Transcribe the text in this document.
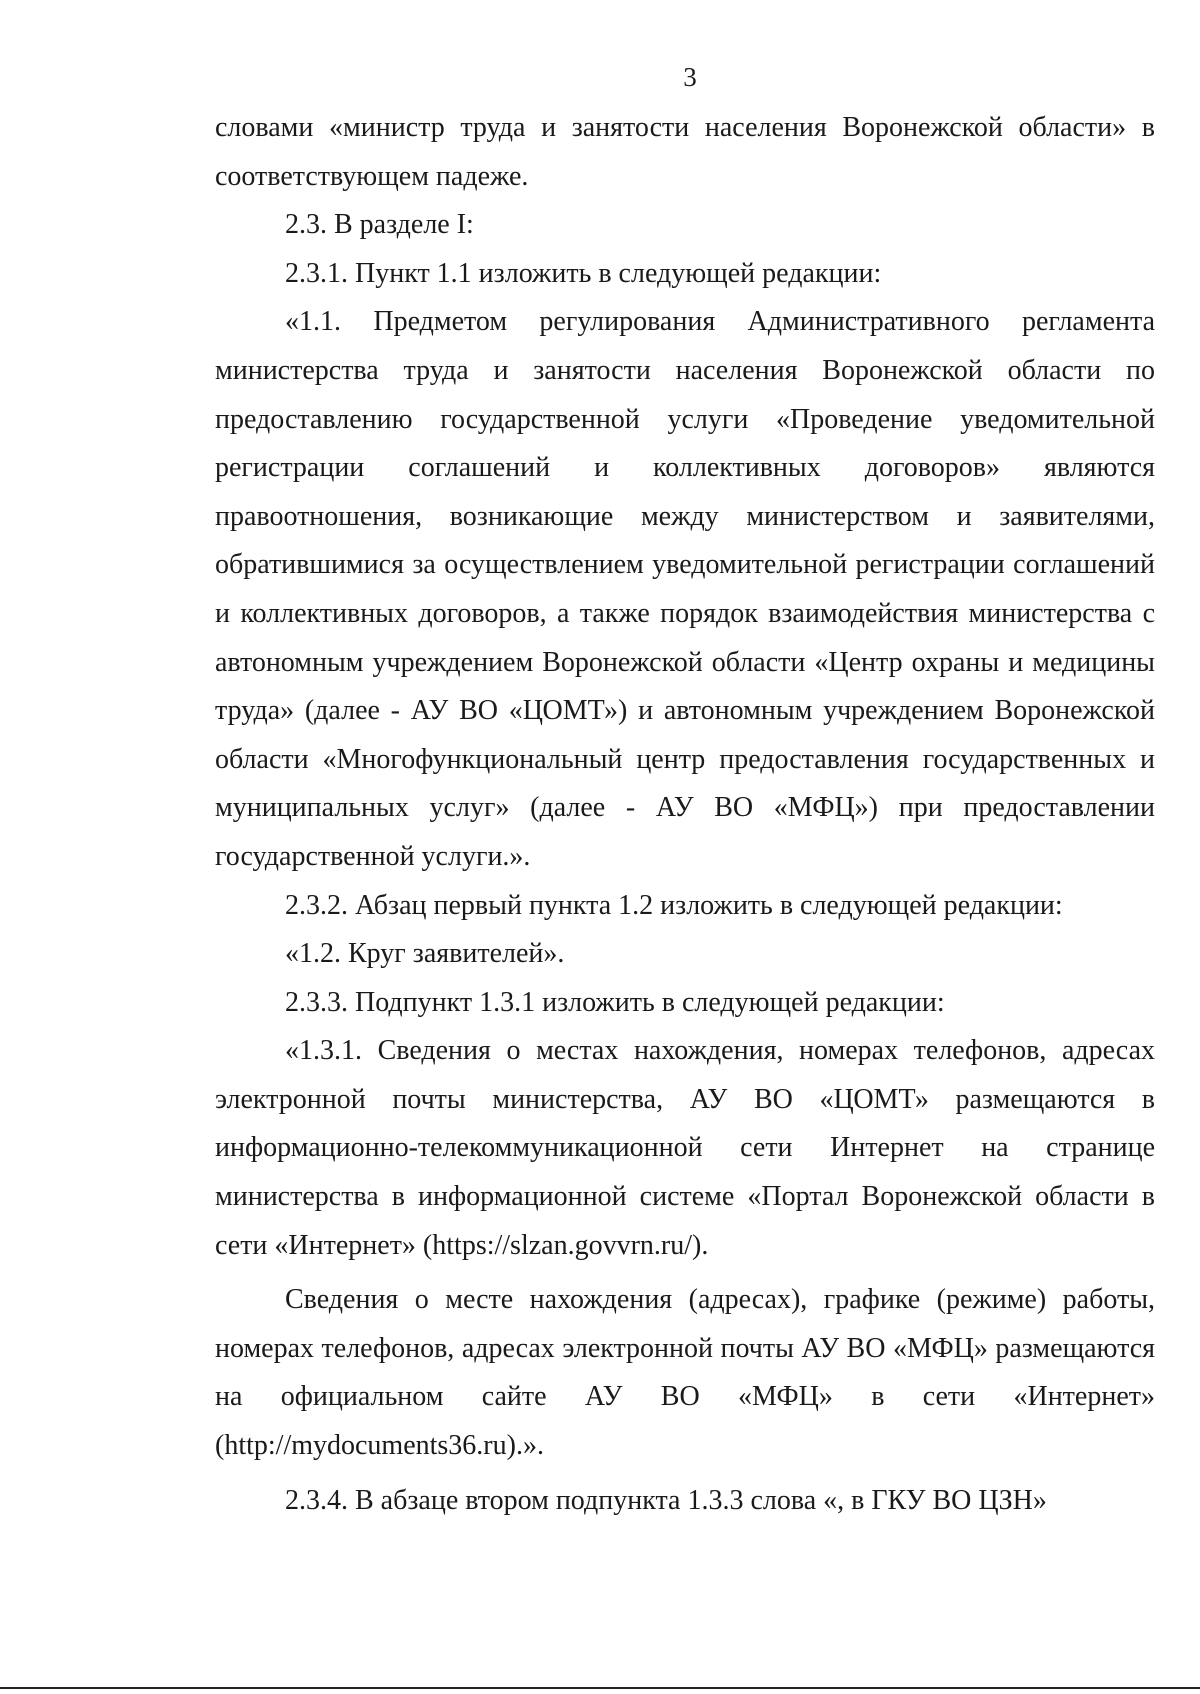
3

словами «министр труда и занятости населения Воронежской области» в соответствующем падеже.

2.3. В разделе I:

2.3.1. Пункт 1.1 изложить в следующей редакции:

«1.1. Предметом регулирования Административного регламента министерства труда и занятости населения Воронежской области по предоставлению государственной услуги «Проведение уведомительной регистрации соглашений и коллективных договоров» являются правоотношения, возникающие между министерством и заявителями, обратившимися за осуществлением уведомительной регистрации соглашений и коллективных договоров, а также порядок взаимодействия министерства с автономным учреждением Воронежской области «Центр охраны и медицины труда» (далее - АУ ВО «ЦОМТ») и автономным учреждением Воронежской области «Многофункциональный центр предоставления государственных и муниципальных услуг» (далее - АУ ВО «МФЦ») при предоставлении государственной услуги.».

2.3.2. Абзац первый пункта 1.2 изложить в следующей редакции:

«1.2. Круг заявителей».

2.3.3. Подпункт 1.3.1 изложить в следующей редакции:

«1.3.1. Сведения о местах нахождения, номерах телефонов, адресах электронной почты министерства, АУ ВО «ЦОМТ» размещаются в информационно-телекоммуникационной сети Интернет на странице министерства в информационной системе «Портал Воронежской области в сети «Интернет» (https://slzan.govvrn.ru/).

Сведения о месте нахождения (адресах), графике (режиме) работы, номерах телефонов, адресах электронной почты АУ ВО «МФЦ» размещаются на официальном сайте АУ ВО «МФЦ» в сети «Интернет» (http://mydocuments36.ru).».

2.3.4. В абзаце втором подпункта 1.3.3 слова «, в ГКУ ВО ЦЗН»
